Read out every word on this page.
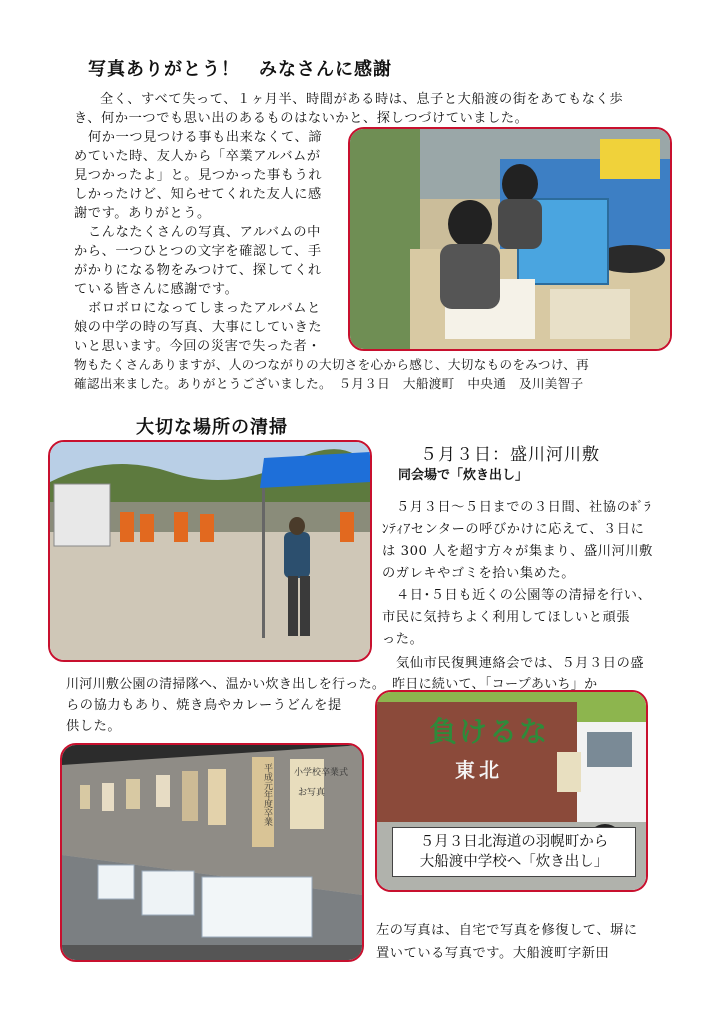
写真ありがとう！　みなさんに感謝
全く、すべて失って、１ヶ月半、時間がある時は、息子と大船渡の街をあてもなく歩
き、何か一つでも思い出のあるものはないかと、探しつづけていました。
何か一つ見つける事も出来なくて、諦
めていた時、友人から「卒業アルバムが
見つかったよ」と。見つかった事もうれ
しかったけど、知らせてくれた友人に感
謝です。ありがとう。
こんなたくさんの写真、アルバムの中
から、一つひとつの文字を確認して、手
がかりになる物をみつけて、探してくれ
ている皆さんに感謝です。
ボロボロになってしまったアルバムと
娘の中学の時の写真、大事にしていきた
いと思います。今回の災害で失った者・
物もたくさんありますが、人のつながりの大切さを心から感じ、大切なものをみつけ、再
確認出来ました。ありがとうございました。　５月３日　大船渡町　中央通　及川美智子
大切な場所の清掃
５月３日：盛川河川敷
同会場で「炊き出し」
５月３日〜５日までの３日間、社協のﾎﾞﾗ
ﾝﾃｨｱセンターの呼びかけに応えて、３日に
は 300 人を超す方々が集まり、盛川河川敷
のガレキやゴミを拾い集めた。
４日･５日も近くの公園等の清掃を行い、
市民に気持ちよく利用してほしいと頑張
った。
気仙市民復興連絡会では、５月３日の盛
川河川敷公園の清掃隊へ、温かい炊き出しを行った。　昨日に続いて、「コープあいち」か
らの協力もあり、焼き鳥やカレーうどんを提
供した。	負けるな
東北
５月３日北海道の羽幌町から
大船渡中学校へ「炊き出し」
平成元年度卒業 小学校卒業式
お写真
左の写真は、自宅で写真を修復して、塀に
置いている写真です。大船渡町字新田
